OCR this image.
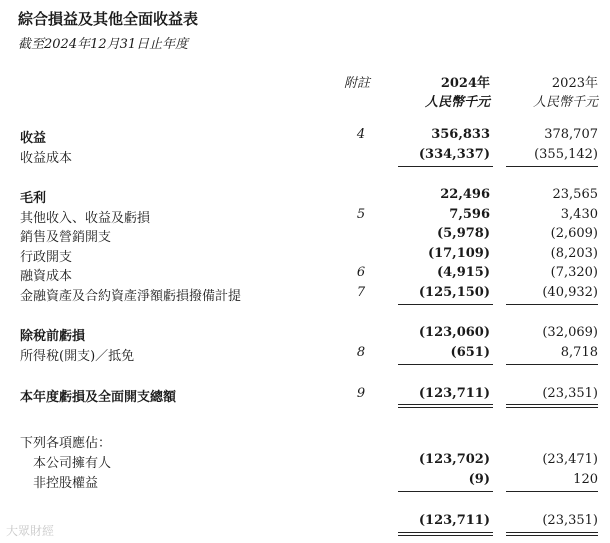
綜合損益及其他全面收益表
截至2024年12月31日止年度
附註	2024年	2023年
人民幣千元	人民幣千元
收益	4	356,833	378,707
收益成本	(334,337)	(355,142)
毛利	22,496	23,565
其他收入、收益及虧損	5	7,596	3,430
銷售及營銷開支	(5,978)	(2,609)
行政開支	(17,109)	(8,203)
融資成本	6	(4,915)	(7,320)
金融資產及合約資產淨額虧損撥備計提	7	(125,150)	(40,932)
除稅前虧損	(123,060)	(32,069)
所得稅(開支)／抵免	8	(651)	8,718
本年度虧損及全面開支總額	9	(123,711)	(23,351)
下列各項應佔：
本公司擁有人	(123,702)	(23,471)
非控股權益	(9)	120
(123,711)	(23,351)
大眾財經
